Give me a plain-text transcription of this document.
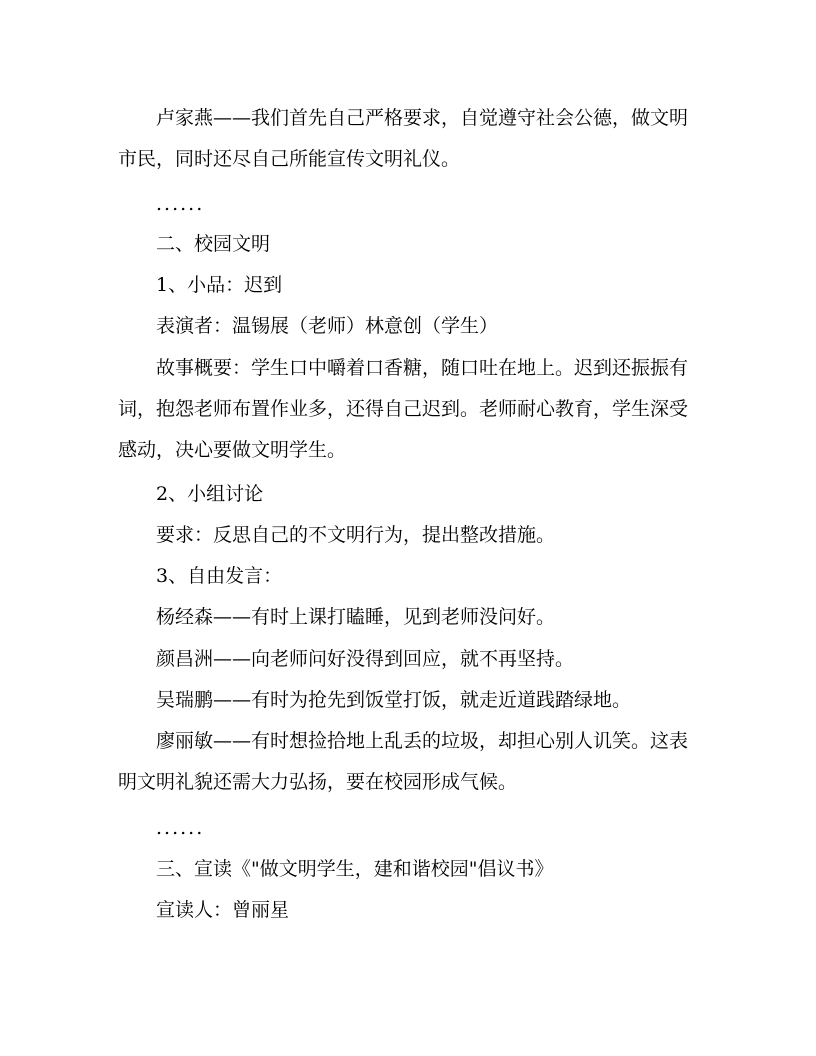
卢家燕——我们首先自己严格要求，自觉遵守社会公德，做文明市民，同时还尽自己所能宣传文明礼仪。

......

二、校园文明

1、小品：迟到

表演者：温锡展（老师）林意创（学生）

故事概要：学生口中嚼着口香糖，随口吐在地上。迟到还振振有词，抱怨老师布置作业多，还得自己迟到。老师耐心教育，学生深受感动，决心要做文明学生。

2、小组讨论

要求：反思自己的不文明行为，提出整改措施。

3、自由发言：

杨经森——有时上课打瞌睡，见到老师没问好。

颜昌洲——向老师问好没得到回应，就不再坚持。

吴瑞鹏——有时为抢先到饭堂打饭，就走近道践踏绿地。

廖丽敏——有时想捡拾地上乱丢的垃圾，却担心别人讥笑。这表明文明礼貌还需大力弘扬，要在校园形成气候。

......

三、宣读《"做文明学生，建和谐校园"倡议书》

宣读人：曾丽星
